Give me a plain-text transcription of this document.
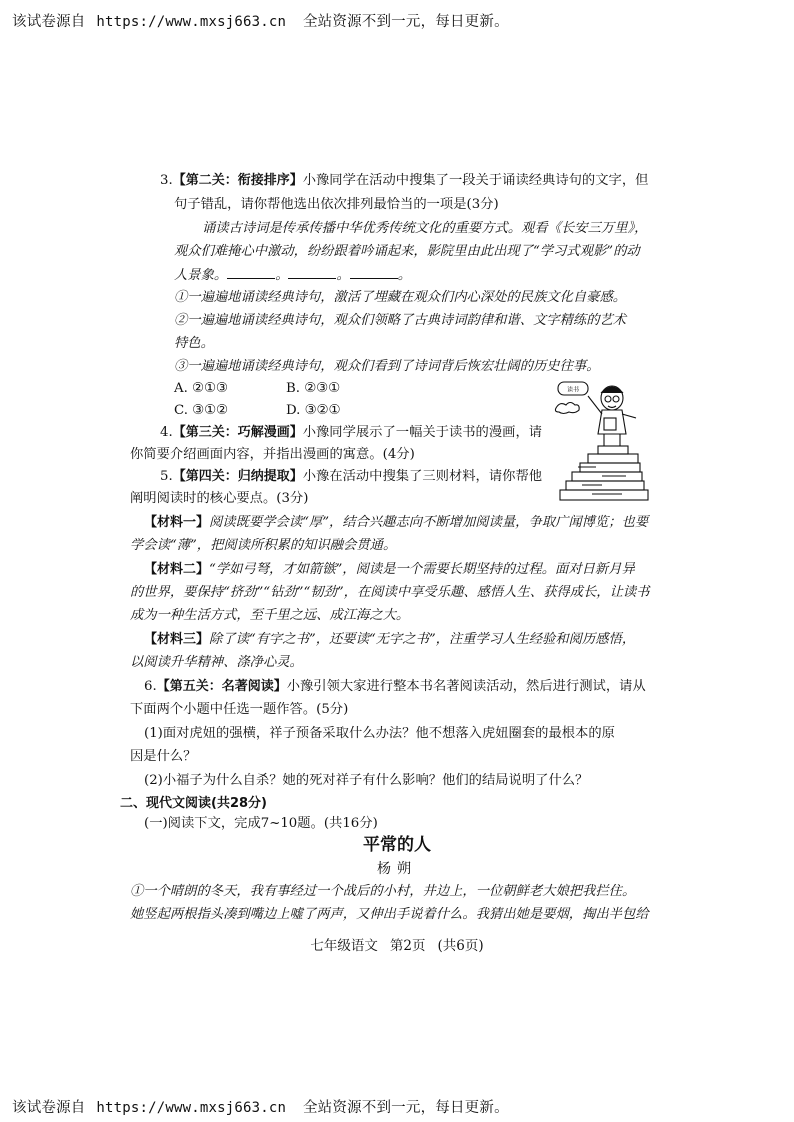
该试卷源自 https://www.mxsj663.cn 全站资源不到一元，每日更新。
3.【第二关：衔接排序】小豫同学在活动中搜集了一段关于诵读经典诗句的文字，但
句子错乱，请你帮他选出依次排列最恰当的一项是(3分)
诵读古诗词是传承传播中华优秀传统文化的重要方式。观看《长安三万里》，
观众们难掩心中激动，纷纷跟着吟诵起来，影院里由此出现了“学习式观影”的动
人景象。	。	。	。
①一遍遍地诵读经典诗句，激活了埋藏在观众们内心深处的民族文化自豪感。
②一遍遍地诵读经典诗句，观众们领略了古典诗词韵律和谐、文字精练的艺术
特色。
③一遍遍地诵读经典诗句，观众们看到了诗词背后恢宏壮阔的历史往事。
A. ②①③	B. ②③①
C. ③①②	D. ③②①
4.【第三关：巧解漫画】小豫同学展示了一幅关于读书的漫画，请
你简要介绍画面内容，并指出漫画的寓意。(4分)
读书
5.【第四关：归纳提取】小豫在活动中搜集了三则材料，请你帮他
阐明阅读时的核心要点。(3分)
【材料一】阅读既要学会读“厚”，结合兴趣志向不断增加阅读量，争取广闻博览；也要
学会读“薄”，把阅读所积累的知识融会贯通。
【材料二】“学如弓弩，才如箭镞”，阅读是一个需要长期坚持的过程。面对日新月异
的世界，要保持“挤劲”“钻劲”“韧劲”，在阅读中享受乐趣、感悟人生、获得成长，让读书
成为一种生活方式，至千里之远、成江海之大。
【材料三】除了读“有字之书”，还要读“无字之书”，注重学习人生经验和阅历感悟，
以阅读升华精神、涤净心灵。
6.【第五关：名著阅读】小豫引领大家进行整本书名著阅读活动，然后进行测试，请从
下面两个小题中任选一题作答。(5分)
(1)面对虎妞的强横，祥子预备采取什么办法？他不想落入虎妞圈套的最根本的原
因是什么？
(2)小福子为什么自杀？她的死对祥子有什么影响？他们的结局说明了什么？
二、现代文阅读(共28分)
(一)阅读下文，完成7~10题。(共16分)
平常的人
杨朔
①一个晴朗的冬天，我有事经过一个战后的小村，井边上，一位朝鲜老大娘把我拦住。
她竖起两根指头凑到嘴边上嘘了两声，又伸出手说着什么。我猜出她是要烟，掏出半包给
七年级语文 第2页 (共6页)
该试卷源自 https://www.mxsj663.cn 全站资源不到一元，每日更新。
